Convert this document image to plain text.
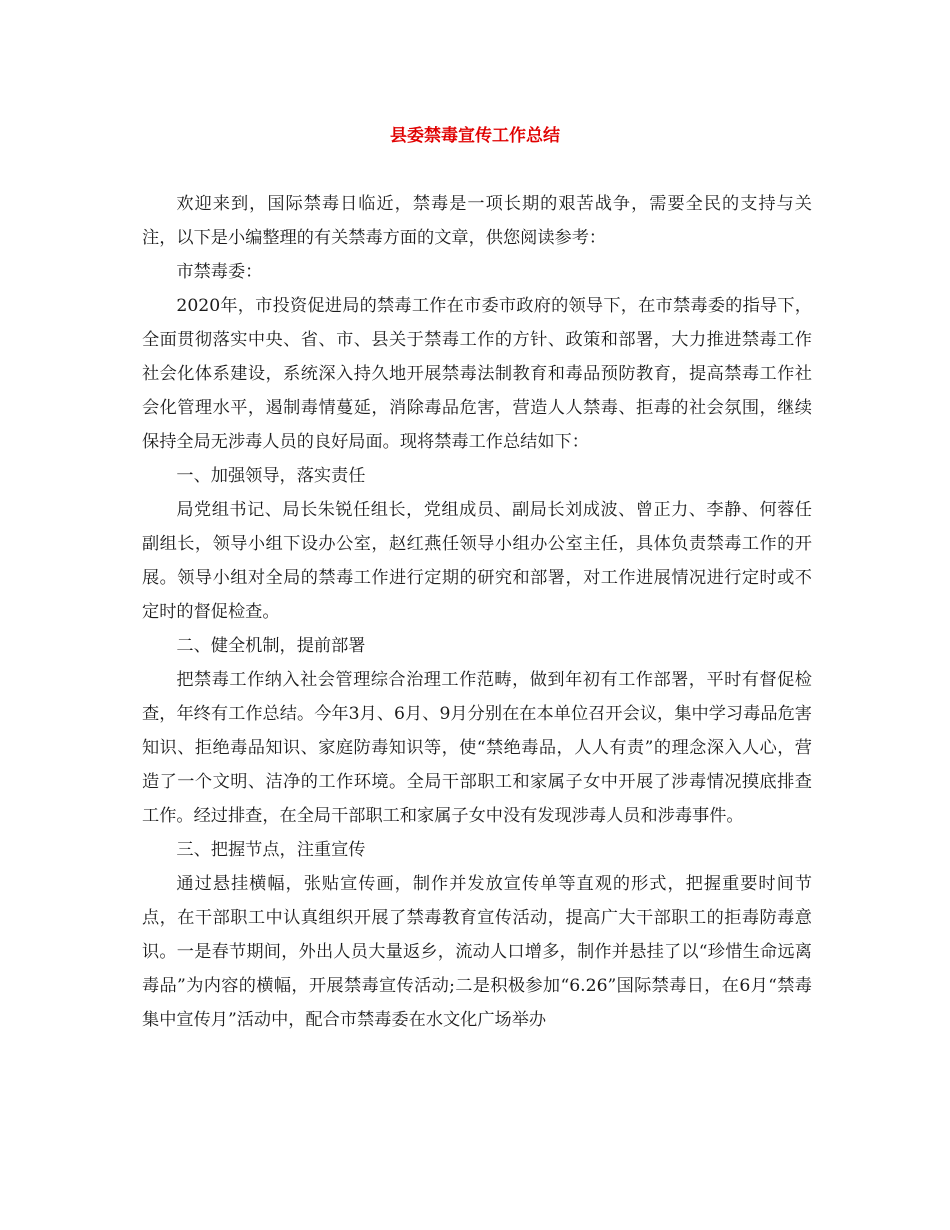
县委禁毒宣传工作总结

欢迎来到，国际禁毒日临近，禁毒是一项长期的艰苦战争，需要全民的支持与关注，以下是小编整理的有关禁毒方面的文章，供您阅读参考：

市禁毒委：

2020年，市投资促进局的禁毒工作在市委市政府的领导下，在市禁毒委的指导下，全面贯彻落实中央、省、市、县关于禁毒工作的方针、政策和部署，大力推进禁毒工作社会化体系建设，系统深入持久地开展禁毒法制教育和毒品预防教育，提高禁毒工作社会化管理水平，遏制毒情蔓延，消除毒品危害，营造人人禁毒、拒毒的社会氛围，继续保持全局无涉毒人员的良好局面。现将禁毒工作总结如下：

一、加强领导，落实责任

局党组书记、局长朱锐任组长，党组成员、副局长刘成波、曾正力、李静、何蓉任副组长，领导小组下设办公室，赵红燕任领导小组办公室主任，具体负责禁毒工作的开展。领导小组对全局的禁毒工作进行定期的研究和部署，对工作进展情况进行定时或不定时的督促检查。

二、健全机制，提前部署

把禁毒工作纳入社会管理综合治理工作范畴，做到年初有工作部署，平时有督促检查，年终有工作总结。今年3月、6月、9月分别在在本单位召开会议，集中学习毒品危害知识、拒绝毒品知识、家庭防毒知识等，使“禁绝毒品，人人有责”的理念深入人心，营造了一个文明、洁净的工作环境。全局干部职工和家属子女中开展了涉毒情况摸底排查工作。经过排查，在全局干部职工和家属子女中没有发现涉毒人员和涉毒事件。

三、把握节点，注重宣传

通过悬挂横幅，张贴宣传画，制作并发放宣传单等直观的形式，把握重要时间节点，在干部职工中认真组织开展了禁毒教育宣传活动，提高广大干部职工的拒毒防毒意识。一是春节期间，外出人员大量返乡，流动人口增多，制作并悬挂了以“珍惜生命远离毒品”为内容的横幅，开展禁毒宣传活动;二是积极参加“6.26”国际禁毒日，在6月“禁毒集中宣传月”活动中，配合市禁毒委在水文化广场举办
